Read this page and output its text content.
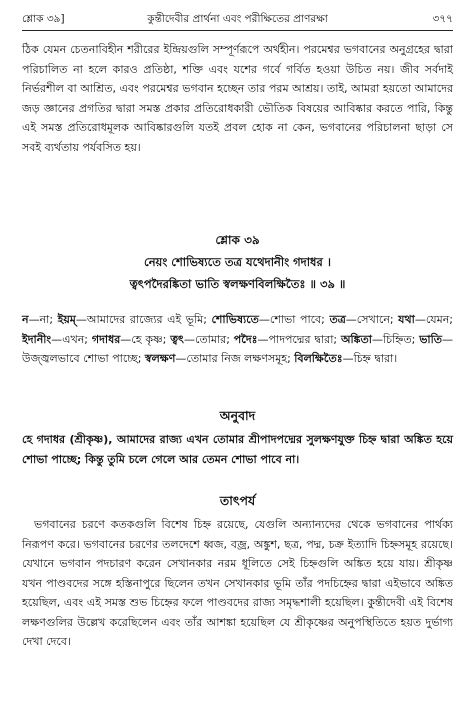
শ্লোক ৩৯]	কুন্তীদেবীর প্রার্থনা এবং পরীক্ষিতের প্রাণরক্ষা	৩৭৭
ঠিক যেমন চেতনাবিহীন শরীরের ইন্দ্রিয়গুলি সম্পূর্ণরূপে অর্থহীন। পরমেশ্বর ভগবানের অনুগ্রহের দ্বারা পরিচালিত না হলে কারও প্রতিষ্ঠা, শক্তি এবং যশের গর্বে গর্বিত হওয়া উচিত নয়। জীব সর্বদাই নির্ভরশীল বা আশ্রিত, এবং পরমেশ্বর ভগবান হচ্ছেন তার পরম আশ্রয়। তাই, আমরা হয়তো আমাদের জড় জ্ঞানের প্রগতির দ্বারা সমস্ত প্রকার প্রতিরোধকারী ভৌতিক বিষয়ের আবিষ্কার করতে পারি, কিন্তু এই সমস্ত প্রতিরোধমূলক আবিষ্কারগুলি যতই প্রবল হোক না কেন, ভগবানের পরিচালনা ছাড়া সে সবই ব্যর্থতায় পর্যবসিত হয়।
শ্লোক ৩৯
নেয়ং শোভিষ্যতে তত্র যথেদানীং গদাধর ।
ত্বৎপদৈরঙ্কিতা ভাতি স্বলক্ষণবিলক্ষিতৈঃ ॥ ৩৯ ॥
ন—না; ইয়ম্—আমাদের রাজ্যের এই ভূমি; শোভিষ্যতে—শোভা পাবে; তত্র—সেখানে; যথা—যেমন; ইদানীং—এখন; গদাধর—হে কৃষ্ণ; ত্বৎ—তোমার; পদৈঃ—পাদপদ্মের দ্বারা; অঙ্কিতা—চিহ্নিত; ভাতি—উজ্জ্বলভাবে শোভা পাচ্ছে; স্বলক্ষণ—তোমার নিজ লক্ষণসমূহ; বিলক্ষিতৈঃ—চিহ্ন দ্বারা।
অনুবাদ
হে গদাধর (শ্রীকৃষ্ণ), আমাদের রাজ্য এখন তোমার শ্রীপাদপদ্মের সুলক্ষণযুক্ত চিহ্ন দ্বারা অঙ্কিত হয়ে শোভা পাচ্ছে; কিন্তু তুমি চলে গেলে আর তেমন শোভা পাবে না।
তাৎপর্য
ভগবানের চরণে কতকগুলি বিশেষ চিহ্ন রয়েছে, যেগুলি অন্যান্যদের থেকে ভগবানের পার্থক্য নিরূপণ করে। ভগবানের চরণের তলদেশে ধ্বজ, বজ্র, অঙ্কুশ, ছত্র, পদ্ম, চক্র ইত্যাদি চিহ্নসমূহ রয়েছে। যেখানে ভগবান পদচারণ করেন সেখানকার নরম ধূলিতে সেই চিহ্নগুলি অঙ্কিত হয়ে যায়। শ্রীকৃষ্ণ যখন পাণ্ডবদের সঙ্গে হস্তিনাপুরে ছিলেন তখন সেখানকার ভূমি তাঁর পদচিহ্নের দ্বারা এইভাবে অঙ্কিত হয়েছিল, এবং এই সমস্ত শুভ চিহ্নের ফলে পাণ্ডবদের রাজ্য সমৃদ্ধশালী হয়েছিল। কুন্তীদেবী এই বিশেষ লক্ষণগুলির উল্লেখ করেছিলেন এবং তাঁর আশঙ্কা হয়েছিল যে শ্রীকৃষ্ণের অনুপস্থিতিতে হয়ত দুর্ভাগ্য দেখা দেবে।
